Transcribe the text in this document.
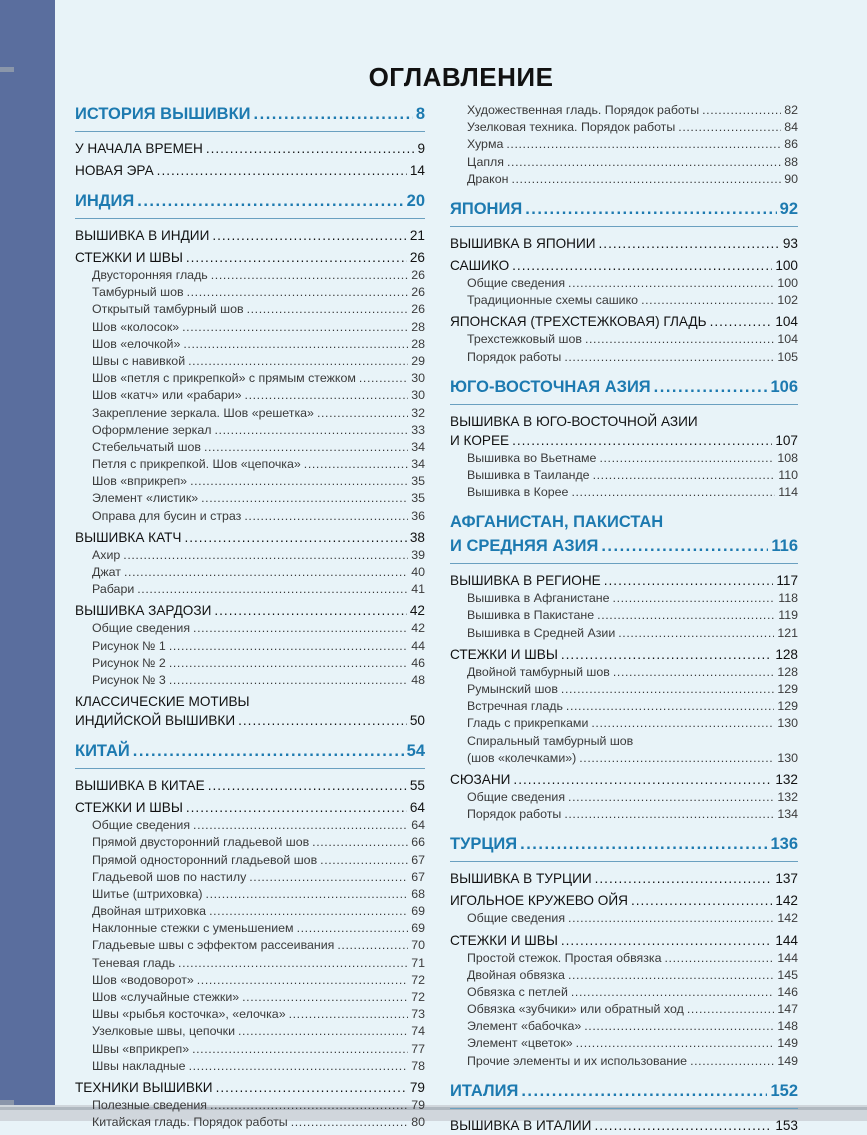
ОГЛАВЛЕНИЕ
ИСТОРИЯ ВЫШИВКИ .....	8
У НАЧАЛА ВРЕМЕН .....	9
НОВАЯ ЭРА .....	14
ИНДИЯ .....	20
ВЫШИВКА В ИНДИИ .....	21
СТЕЖКИ И ШВЫ .....	26
Двусторонняя гладь .....	26
Тамбурный шов .....	26
Открытый тамбурный шов .....	26
Шов «колосок» .....	28
Шов «елочкой» .....	28
Швы с навивкой .....	29
Шов «петля с прикрепкой» с прямым стежком .....	30
Шов «катч» или «рабари» .....	30
Закрепление зеркала. Шов «решетка» .....	32
Оформление зеркал .....	33
Стебельчатый шов .....	34
Петля с прикрепкой. Шов «цепочка» .....	34
Шов «вприкреп» .....	35
Элемент «листик» .....	35
Оправа для бусин и страз .....	36
ВЫШИВКА КАТЧ .....	38
Ахир .....	39
Джат .....	40
Рабари .....	41
ВЫШИВКА ЗАРДОЗИ .....	42
Общие сведения .....	42
Рисунок № 1 .....	44
Рисунок № 2 .....	46
Рисунок № 3 .....	48
КЛАССИЧЕСКИЕ МОТИВЫ
ИНДИЙСКОЙ ВЫШИВКИ .....	50
КИТАЙ .....	54
ВЫШИВКА В КИТАЕ .....	55
СТЕЖКИ И ШВЫ .....	64
Общие сведения .....	64
Прямой двусторонний гладьевой шов .....	66
Прямой односторонний гладьевой шов .....	67
Гладьевой шов по настилу .....	67
Шитье (штриховка) .....	68
Двойная штриховка .....	69
Наклонные стежки с уменьшением .....	69
Гладьевые швы с эффектом рассеивания .....	70
Теневая гладь .....	71
Шов «водоворот» .....	72
Шов «случайные стежки» .....	72
Швы «рыбья косточка», «елочка» .....	73
Узелковые швы, цепочки .....	74
Швы «вприкреп» .....	77
Швы накладные .....	78
ТЕХНИКИ ВЫШИВКИ .....	79
Полезные сведения .....	79
Китайская гладь. Порядок работы .....	80
Художественная гладь. Порядок работы .....	82
Узелковая техника. Порядок работы .....	84
Хурма .....	86
Цапля .....	88
Дракон .....	90
ЯПОНИЯ .....	92
ВЫШИВКА В ЯПОНИИ .....	93
САШИКО .....	100
Общие сведения .....	100
Традиционные схемы сашико .....	102
ЯПОНСКАЯ (ТРЕХСТЕЖКОВАЯ) ГЛАДЬ .....	104
Трехстежковый шов .....	104
Порядок работы .....	105
ЮГО-ВОСТОЧНАЯ АЗИЯ .....	106
ВЫШИВКА В ЮГО-ВОСТОЧНОЙ АЗИИ
И КОРЕЕ .....	107
Вышивка во Вьетнаме .....	108
Вышивка в Таиланде .....	110
Вышивка в Корее .....	114
АФГАНИСТАН, ПАКИСТАН
И СРЕДНЯЯ АЗИЯ .....	116
ВЫШИВКА В РЕГИОНЕ .....	117
Вышивка в Афганистане .....	118
Вышивка в Пакистане .....	119
Вышивка в Средней Азии .....	121
СТЕЖКИ И ШВЫ .....	128
Двойной тамбурный шов .....	128
Румынский шов .....	129
Встречная гладь .....	129
Гладь с прикрепками .....	130
Спиральный тамбурный шов
(шов «колечками») .....	130
СЮЗАНИ .....	132
Общие сведения .....	132
Порядок работы .....	134
ТУРЦИЯ .....	136
ВЫШИВКА В ТУРЦИИ .....	137
ИГОЛЬНОЕ КРУЖЕВО ОЙЯ .....	142
Общие сведения .....	142
СТЕЖКИ И ШВЫ .....	144
Простой стежок. Простая обвязка .....	144
Двойная обвязка .....	145
Обвязка с петлей .....	146
Обвязка «зубчики» или обратный ход .....	147
Элемент «бабочка» .....	148
Элемент «цветок» .....	149
Прочие элементы и их использование .....	149
ИТАЛИЯ .....	152
ВЫШИВКА В ИТАЛИИ .....	153
